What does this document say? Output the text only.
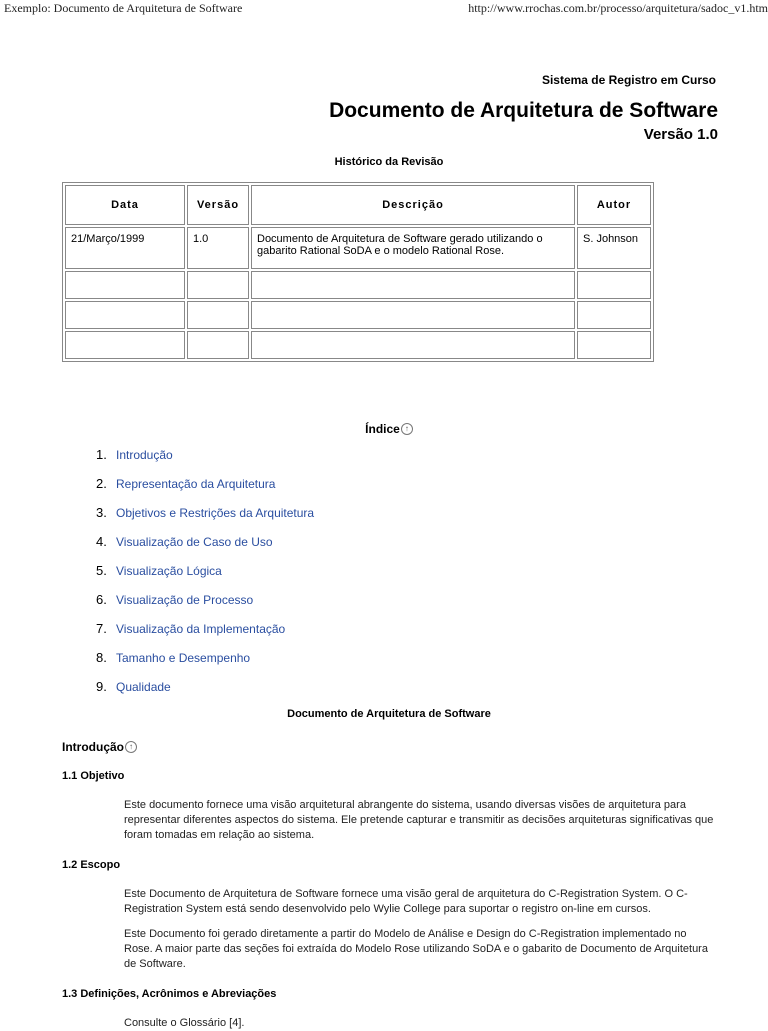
Exemplo: Documento de Arquitetura de Software	http://www.rrochas.com.br/processo/arquitetura/sadoc_v1.htm
Sistema de Registro em Curso
Documento de Arquitetura de Software
Versão 1.0
Histórico da Revisão
Data	Versão	Descrição	Autor
21/Março/1999	1.0	Documento de Arquitetura de Software gerado utilizando o gabarito Rational SoDA e o modelo Rational Rose.	S. Johnson

Índice ↑
1. Introdução
2. Representação da Arquitetura
3. Objetivos e Restrições da Arquitetura
4. Visualização de Caso de Uso
5. Visualização Lógica
6. Visualização de Processo
7. Visualização da Implementação
8. Tamanho e Desempenho
9. Qualidade
Documento de Arquitetura de Software
Introdução ↑
1.1 Objetivo
Este documento fornece uma visão arquitetural abrangente do sistema, usando diversas visões de arquitetura para representar diferentes aspectos do sistema. Ele pretende capturar e transmitir as decisões arquiteturas significativas que foram tomadas em relação ao sistema.
1.2 Escopo
Este Documento de Arquitetura de Software fornece uma visão geral de arquitetura do C-Registration System. O C-Registration System está sendo desenvolvido pelo Wylie College para suportar o registro on-line em cursos.
Este Documento foi gerado diretamente a partir do Modelo de Análise e Design do C-Registration implementado no Rose. A maior parte das seções foi extraída do Modelo Rose utilizando SoDA e o gabarito de Documento de Arquitetura de Software.
1.3 Definições, Acrônimos e Abreviações
Consulte o Glossário [4].
